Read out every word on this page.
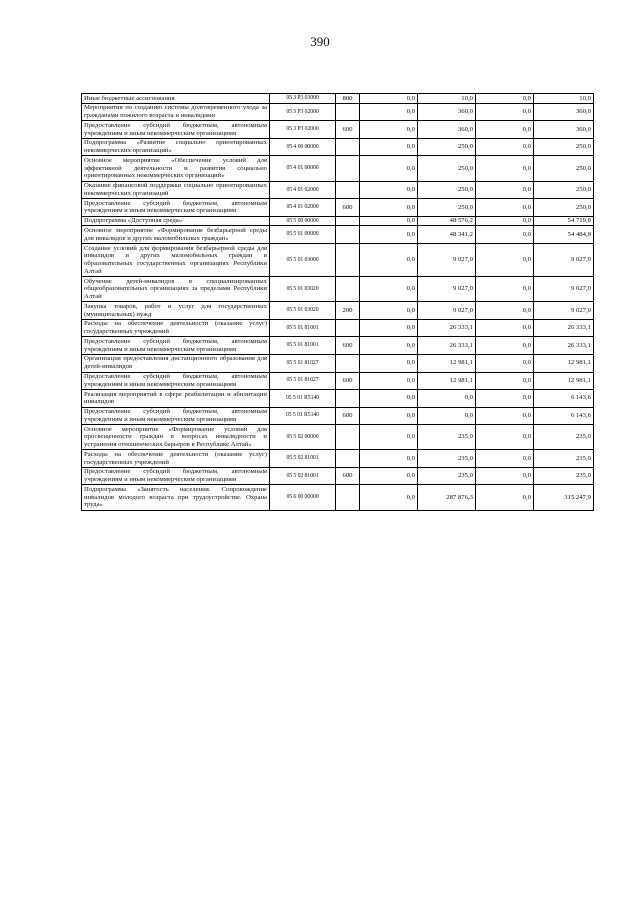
390
Иные бюджетные ассигнования	05 3 P3 03000	800	0,0	10,0	0,0	10,0
Мероприятия по созданию системы долговременного ухода за гражданами пожилого возраста и инвалидами	05 3 P3 02000		0,0	360,0	0,0	360,0
Предоставление субсидий бюджетным, автономным учреждениям и иным некоммерческим организациям	05 3 P3 02000	600	0,0	360,0	0,0	360,0
Подпрограмма «Развитие социально ориентированных некоммерческих организаций»	05 4 00 00000		0,0	250,0	0,0	250,0
Основное мероприятие «Обеспечение условий для эффективной деятельности и развития социально ориентированных некоммерческих организаций»	05 4 01 00000		0,0	250,0	0,0	250,0
Оказание финансовой поддержки социально ориентированных некоммерческих организаций	05 4 01 02000		0,0	250,0	0,0	250,0
Предоставление субсидий бюджетным, автономным учреждениям и иным некоммерческим организациям	05 4 01 02000	600	0,0	250,0	0,0	250,0
Подпрограмма «Доступная среда»	05 5 00 00000		0,0	48 576,2	0,0	54 719,8
Основное мероприятие «Формирование безбарьерной среды для инвалидов и других маломобильных граждан»	05 5 01 00000		0,0	48 341,2	0,0	54 484,8
Создание условий для формирования безбарьерной среды для инвалидов и других маломобильных граждан в образовательных государственных организациях Республики Алтай	05 5 01 03000		0,0	9 027,0	0,0	9 027,0
Обучение детей-инвалидов в специализированных общеобразовательных организациях за пределами Республики Алтай	05 5 01 03020		0,0	9 027,0	0,0	9 027,0
Закупка товаров, работ и услуг для государственных (муниципальных) нужд	05 5 01 03020	200	0,0	9 027,0	0,0	9 027,0
Расходы на обеспечение деятельности (оказание услуг) государственных учреждений	05 5 01 81001		0,0	26 333,1	0,0	26 333,1
Предоставление субсидий бюджетным, автономным учреждениям и иным некоммерческим организациям	05 5 01 81001	600	0,0	26 333,1	0,0	26 333,1
Организация предоставления дистанционного образования для детей-инвалидов	05 5 01 81027		0,0	12 981,1	0,0	12 981,1
Предоставление субсидий бюджетным, автономным учреждениям и иным некоммерческим организациям	05 5 01 81027	600	0,0	12 981,1	0,0	12 981,1
Реализация мероприятий в сфере реабилитации и абилитации инвалидов	05 5 01 R5140		0,0	0,0	0,0	6 143,6
Предоставление субсидий бюджетным, автономным учреждениям и иным некоммерческим организациям	05 5 01 R5140	600	0,0	0,0	0,0	6 143,6
Основное мероприятие «Формирование условий для просвещенности граждан в вопросах инвалидности и устранения отношенческих барьеров в Республике Алтай»	05 5 02 00000		0,0	235,0	0,0	235,0
Расходы на обеспечение деятельности (оказание услуг) государственных учреждений	05 5 02 81001		0,0	235,0	0,0	235,0
Предоставление субсидий бюджетным, автономным учреждениям и иным некоммерческим организациям	05 5 02 81001	600	0,0	235,0	0,0	235,0
Подпрограмма «Занятость населения. Сопровождение инвалидов молодого возраста при трудоустройстве. Охрана труда»	05 6 00 00000		0,0	287 876,3	0,0	315 247,9
